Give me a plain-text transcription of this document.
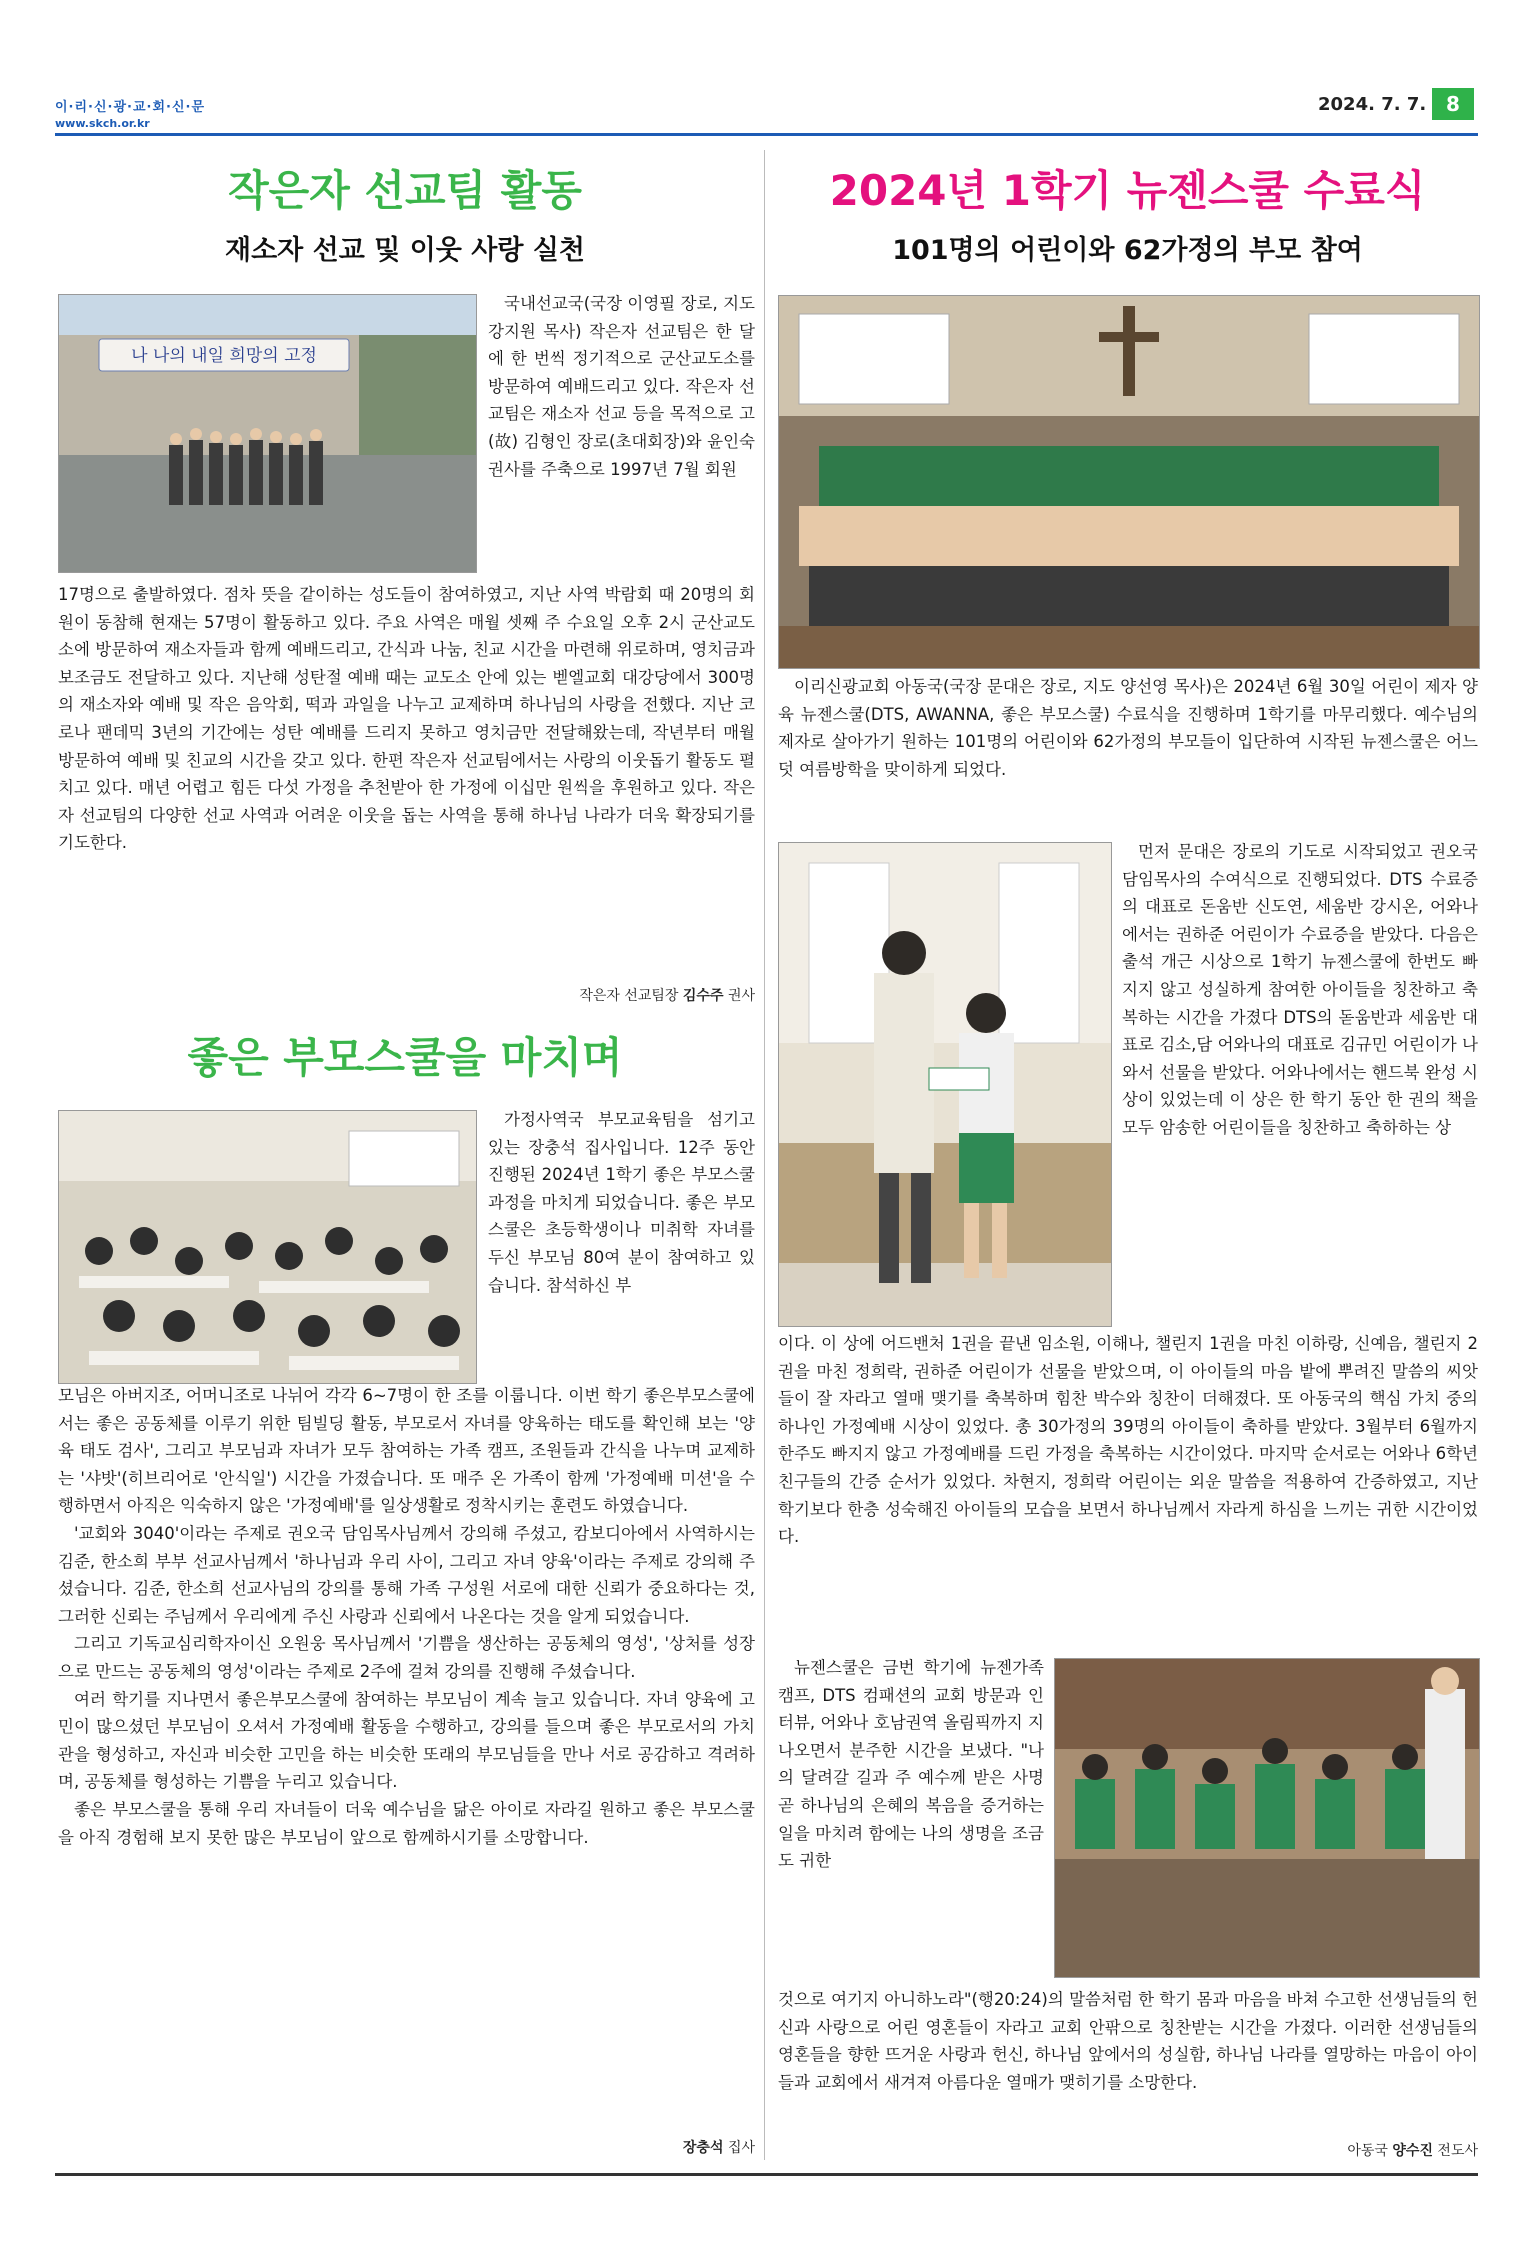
이·리·신·광·교·회·신·문
www.skch.or.kr
2024. 7. 7. 8
작은자 선교팀 활동
재소자 선교 및 이웃 사랑 실천
나 나의 내일 희망의 고정

국내선교국(국장 이영필 장로, 지도 강지원 목사) 작은자 선교팀은 한 달에 한 번씩 정기적으로 군산교도소를 방문하여 예배드리고 있다. 작은자 선교팀은 재소자 선교 등을 목적으로 고(故) 김형인 장로(초대회장)와 윤인숙 권사를 주축으로 1997년 7월 회원

17명으로 출발하였다. 점차 뜻을 같이하는 성도들이 참여하였고, 지난 사역 박람회 때 20명의 회원이 동참해 현재는 57명이 활동하고 있다. 주요 사역은 매월 셋째 주 수요일 오후 2시 군산교도소에 방문하여 재소자들과 함께 예배드리고, 간식과 나눔, 친교 시간을 마련해 위로하며, 영치금과 보조금도 전달하고 있다. 지난해 성탄절 예배 때는 교도소 안에 있는 벧엘교회 대강당에서 300명의 재소자와 예배 및 작은 음악회, 떡과 과일을 나누고 교제하며 하나님의 사랑을 전했다. 지난 코로나 팬데믹 3년의 기간에는 성탄 예배를 드리지 못하고 영치금만 전달해왔는데, 작년부터 매월 방문하여 예배 및 친교의 시간을 갖고 있다. 한편 작은자 선교팀에서는 사랑의 이웃돕기 활동도 펼치고 있다. 매년 어렵고 힘든 다섯 가정을 추천받아 한 가정에 이십만 원씩을 후원하고 있다. 작은자 선교팀의 다양한 선교 사역과 어려운 이웃을 돕는 사역을 통해 하나님 나라가 더욱 확장되기를 기도한다.

작은자 선교팀장 김수주 권사
좋은 부모스쿨을 마치며

가정사역국 부모교육팀을 섬기고 있는 장충석 집사입니다. 12주 동안 진행된 2024년 1학기 좋은 부모스쿨 과정을 마치게 되었습니다. 좋은 부모스쿨은 초등학생이나 미취학 자녀를 두신 부모님 80여 분이 참여하고 있습니다. 참석하신 부

모님은 아버지조, 어머니조로 나뉘어 각각 6~7명이 한 조를 이룹니다. 이번 학기 좋은부모스쿨에서는 좋은 공동체를 이루기 위한 팀빌딩 활동, 부모로서 자녀를 양육하는 태도를 확인해 보는 '양육 태도 검사', 그리고 부모님과 자녀가 모두 참여하는 가족 캠프, 조원들과 간식을 나누며 교제하는 '샤밧'(히브리어로 '안식일') 시간을 가졌습니다. 또 매주 온 가족이 함께 '가정예배 미션'을 수행하면서 아직은 익숙하지 않은 '가정예배'를 일상생활로 정착시키는 훈련도 하였습니다.

'교회와 3040'이라는 주제로 권오국 담임목사님께서 강의해 주셨고, 캄보디아에서 사역하시는 김준, 한소희 부부 선교사님께서 '하나님과 우리 사이, 그리고 자녀 양육'이라는 주제로 강의해 주셨습니다. 김준, 한소희 선교사님의 강의를 통해 가족 구성원 서로에 대한 신뢰가 중요하다는 것, 그러한 신뢰는 주님께서 우리에게 주신 사랑과 신뢰에서 나온다는 것을 알게 되었습니다.

그리고 기독교심리학자이신 오원웅 목사님께서 '기쁨을 생산하는 공동체의 영성', '상처를 성장으로 만드는 공동체의 영성'이라는 주제로 2주에 걸쳐 강의를 진행해 주셨습니다.

여러 학기를 지나면서 좋은부모스쿨에 참여하는 부모님이 계속 늘고 있습니다. 자녀 양육에 고민이 많으셨던 부모님이 오셔서 가정예배 활동을 수행하고, 강의를 들으며 좋은 부모로서의 가치관을 형성하고, 자신과 비슷한 고민을 하는 비슷한 또래의 부모님들을 만나 서로 공감하고 격려하며, 공동체를 형성하는 기쁨을 누리고 있습니다.

좋은 부모스쿨을 통해 우리 자녀들이 더욱 예수님을 닮은 아이로 자라길 원하고 좋은 부모스쿨을 아직 경험해 보지 못한 많은 부모님이 앞으로 함께하시기를 소망합니다.

장충석 집사
2024년 1학기 뉴젠스쿨 수료식
101명의 어린이와 62가정의 부모 참여

이리신광교회 아동국(국장 문대은 장로, 지도 양선영 목사)은 2024년 6월 30일 어린이 제자 양육 뉴젠스쿨(DTS, AWANNA, 좋은 부모스쿨) 수료식을 진행하며 1학기를 마무리했다. 예수님의 제자로 살아가기 원하는 101명의 어린이와 62가정의 부모들이 입단하여 시작된 뉴젠스쿨은 어느덧 여름방학을 맞이하게 되었다.

먼저 문대은 장로의 기도로 시작되었고 권오국 담임목사의 수여식으로 진행되었다. DTS 수료증의 대표로 돈움반 신도연, 세움반 강시온, 어와나에서는 권하준 어린이가 수료증을 받았다. 다음은 출석 개근 시상으로 1학기 뉴젠스쿨에 한번도 빠지지 않고 성실하게 참여한 아이들을 칭찬하고 축복하는 시간을 가졌다 DTS의 돋움반과 세움반 대표로 김소,담 어와나의 대표로 김규민 어린이가 나와서 선물을 받았다. 어와나에서는 핸드북 완성 시상이 있었는데 이 상은 한 학기 동안 한 권의 책을 모두 암송한 어린이들을 칭찬하고 축하하는 상

이다. 이 상에 어드밴처 1권을 끝낸 임소원, 이해나, 챌린지 1권을 마친 이하랑, 신예음, 챌린지 2권을 마친 정희락, 권하준 어린이가 선물을 받았으며, 이 아이들의 마음 밭에 뿌려진 말씀의 씨앗들이 잘 자라고 열매 맺기를 축복하며 힘찬 박수와 칭찬이 더해졌다. 또 아동국의 핵심 가치 중의 하나인 가정예배 시상이 있었다. 총 30가정의 39명의 아이들이 축하를 받았다. 3월부터 6월까지 한주도 빠지지 않고 가정예배를 드린 가정을 축복하는 시간이었다. 마지막 순서로는 어와나 6학년 친구들의 간증 순서가 있었다. 차현지, 정희락 어린이는 외운 말씀을 적용하여 간증하였고, 지난 학기보다 한층 성숙해진 아이들의 모습을 보면서 하나님께서 자라게 하심을 느끼는 귀한 시간이었다.

뉴젠스쿨은 금번 학기에 뉴젠가족캠프, DTS 컴패션의 교회 방문과 인터뷰, 어와나 호남권역 올림픽까지 지나오면서 분주한 시간을 보냈다. "나의 달려갈 길과 주 예수께 받은 사명 곧 하나님의 은혜의 복음을 증거하는 일을 마치려 함에는 나의 생명을 조금도 귀한

것으로 여기지 아니하노라"(행20:24)의 말씀처럼 한 학기 몸과 마음을 바쳐 수고한 선생님들의 헌신과 사랑으로 어린 영혼들이 자라고 교회 안팎으로 칭찬받는 시간을 가졌다. 이러한 선생님들의 영혼들을 향한 뜨거운 사랑과 헌신, 하나님 앞에서의 성실함, 하나님 나라를 열망하는 마음이 아이들과 교회에서 새겨져 아름다운 열매가 맺히기를 소망한다.

아동국 양수진 전도사
